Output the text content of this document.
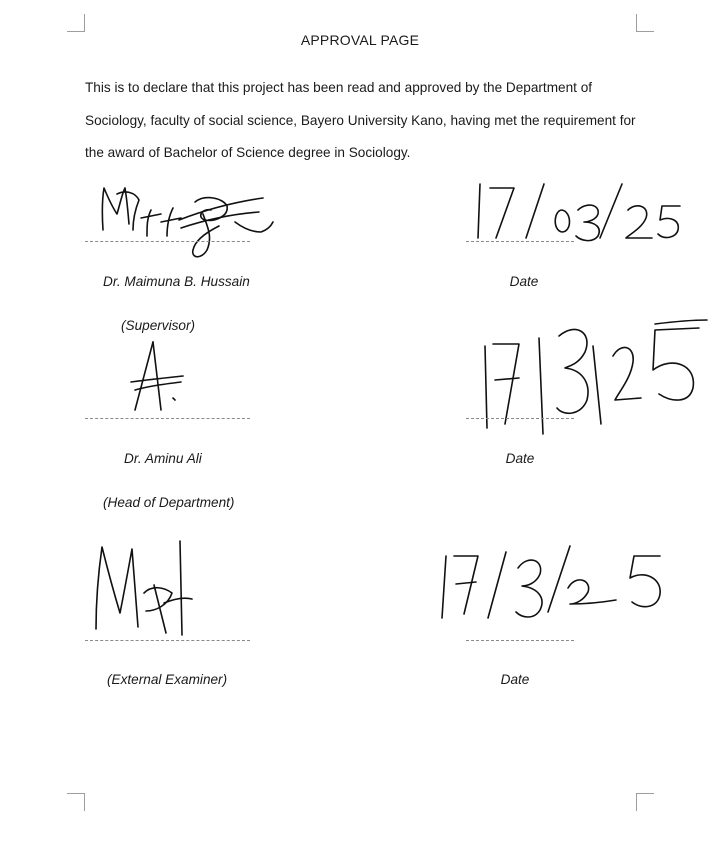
APPROVAL PAGE
This is to declare that this project has been read and approved by the Department of Sociology, faculty of social science, Bayero University Kano, having met the requirement for the award of Bachelor of Science degree in Sociology.
Dr. Maimuna B. Hussain
(Supervisor)
Date
Dr. Aminu Ali
(Head of Department)
Date
(External Examiner)	Date
